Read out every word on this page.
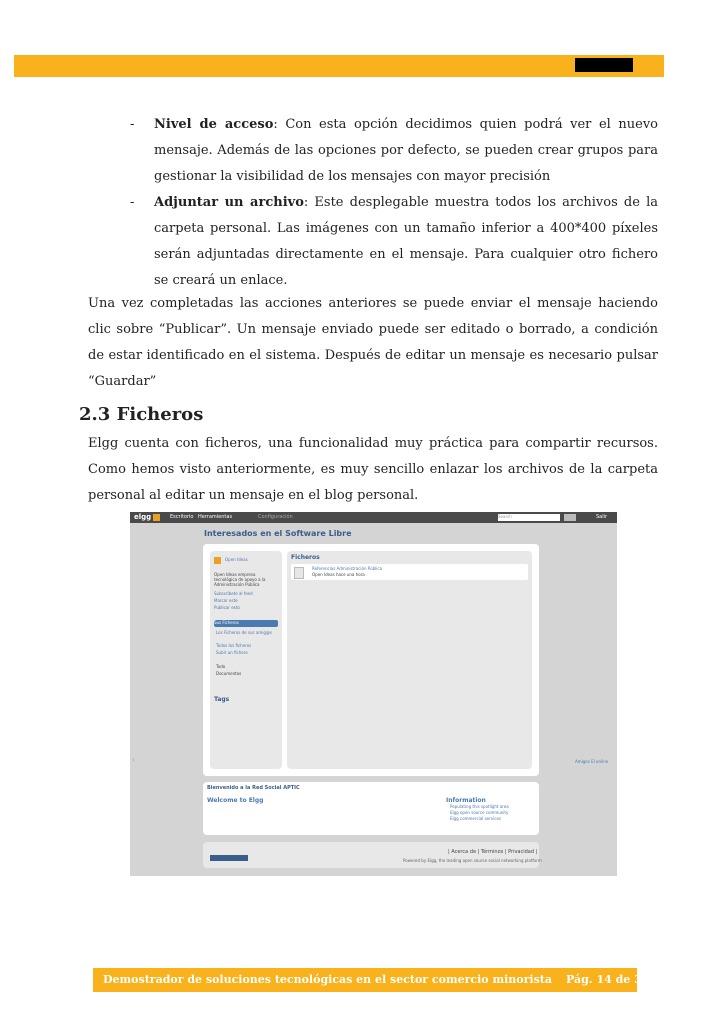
- Nivel de acceso: Con esta opción decidimos quien podrá ver el nuevo mensaje. Además de las opciones por defecto, se pueden crear grupos para gestionar la visibilidad de los mensajes con mayor precisión
- Adjuntar un archivo: Este desplegable muestra todos los archivos de la carpeta personal. Las imágenes con un tamaño inferior a 400*400 píxeles serán adjuntadas directamente en el mensaje. Para cualquier otro fichero se creará un enlace.
Una vez completadas las acciones anteriores se puede enviar el mensaje haciendo clic sobre “Publicar”. Un mensaje enviado puede ser editado o borrado, a condición de estar identificado en el sistema. Después de editar un mensaje es necesario pulsar “Guardar”
2.3 Ficheros
Elgg cuenta con ficheros, una funcionalidad muy práctica para compartir recursos. Como hemos visto anteriormente, es muy sencillo enlazar los archivos de la carpeta personal al editar un mensaje en el blog personal.
elgg	Escritorio Herramientas	Configuración	Search	Salir
‹
Interesados en el Software Libre
Open Ideas
Open Ideas empresa tecnológica de apoyo a la Administración Pública
Subscríbete al feed
Marcar este
Publicar esto
Sus Ficheros
Los Ficheros de sus amig@s
Todos los ficheros
Subir un fichero
Todo
Documentos
Tags
Ficheros
Referencias Administración Pública
Open Ideas hace una hora
Amigos El online
Bienvenido a la Red Social APTIC
Welcome to Elgg	Information
Populating this spotlight area
Elgg open source community
Elgg commercial services
| Acerca de | Términos | Privacidad |
Powered by Elgg, the leading open source social networking platform
Demostrador de soluciones tecnológicas en el sector comercio minorista Pág. 14 de 31
